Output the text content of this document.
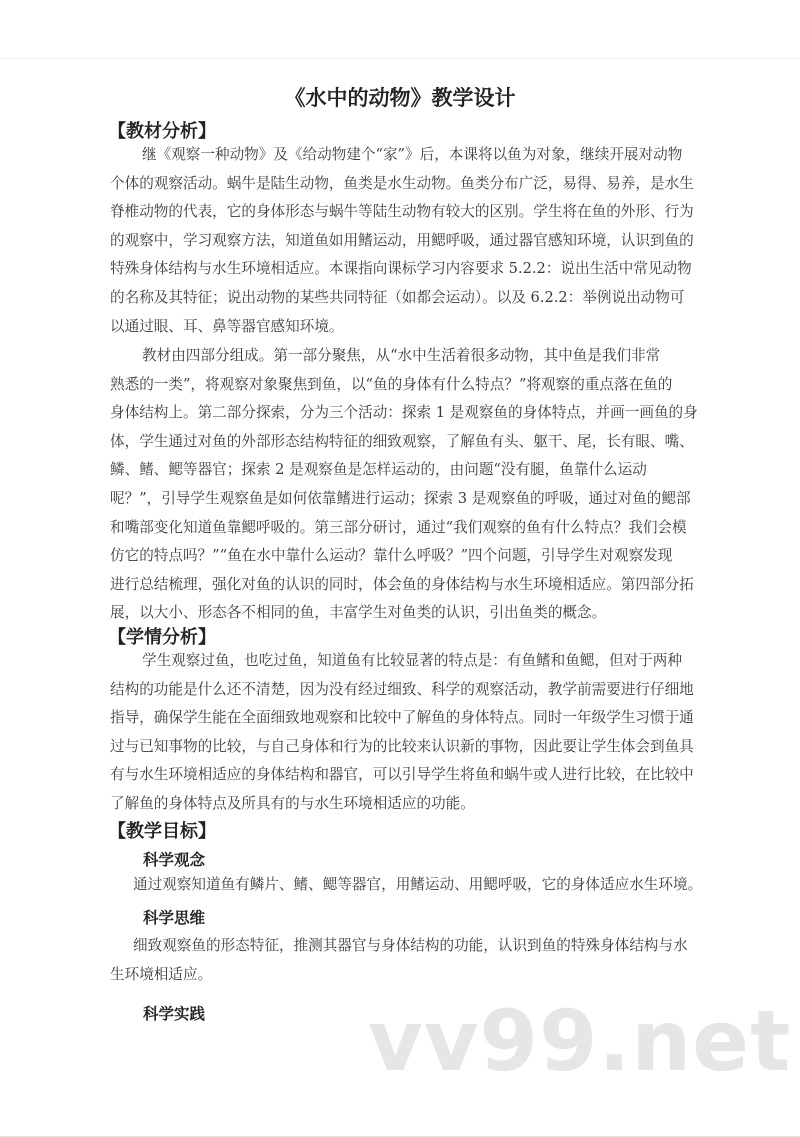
《水中的动物》教学设计
【教材分析】
继《观察一种动物》及《给动物建个“家”》后，本课将以鱼为对象，继续开展对动物
个体的观察活动。蜗牛是陆生动物，鱼类是水生动物。鱼类分布广泛，易得、易养，是水生
脊椎动物的代表，它的身体形态与蜗牛等陆生动物有较大的区别。学生将在鱼的外形、行为
的观察中，学习观察方法，知道鱼如用鳍运动，用鳃呼吸，通过器官感知环境，认识到鱼的
特殊身体结构与水生环境相适应。本课指向课标学习内容要求 5.2.2：说出生活中常见动物
的名称及其特征；说出动物的某些共同特征（如都会运动）。以及 6.2.2：举例说出动物可
以通过眼、耳、鼻等器官感知环境。
教材由四部分组成。第一部分聚焦，从“水中生活着很多动物，其中鱼是我们非常
熟悉的一类”，将观察对象聚焦到鱼，以“鱼的身体有什么特点？”将观察的重点落在鱼的
身体结构上。第二部分探索，分为三个活动：探索 1 是观察鱼的身体特点，并画一画鱼的身
体，学生通过对鱼的外部形态结构特征的细致观察，了解鱼有头、躯干、尾，长有眼、嘴、
鳞、鳍、鳃等器官；探索 2 是观察鱼是怎样运动的，由问题“没有腿，鱼靠什么运动
呢？”，引导学生观察鱼是如何依靠鳍进行运动；探索 3 是观察鱼的呼吸，通过对鱼的鳃部
和嘴部变化知道鱼靠鳃呼吸的。第三部分研讨，通过“我们观察的鱼有什么特点？我们会模
仿它的特点吗？”“鱼在水中靠什么运动？靠什么呼吸？”四个问题，引导学生对观察发现
进行总结梳理，强化对鱼的认识的同时，体会鱼的身体结构与水生环境相适应。第四部分拓
展，以大小、形态各不相同的鱼，丰富学生对鱼类的认识，引出鱼类的概念。
【学情分析】
学生观察过鱼，也吃过鱼，知道鱼有比较显著的特点是：有鱼鳍和鱼鳃，但对于两种
结构的功能是什么还不清楚，因为没有经过细致、科学的观察活动，教学前需要进行仔细地
指导，确保学生能在全面细致地观察和比较中了解鱼的身体特点。同时一年级学生习惯于通
过与已知事物的比较，与自己身体和行为的比较来认识新的事物，因此要让学生体会到鱼具
有与水生环境相适应的身体结构和器官，可以引导学生将鱼和蜗牛或人进行比较，在比较中
了解鱼的身体特点及所具有的与水生环境相适应的功能。
【教学目标】
科学观念
通过观察知道鱼有鳞片、鳍、鳃等器官，用鳍运动、用鳃呼吸，它的身体适应水生环境。
科学思维
细致观察鱼的形态特征，推测其器官与身体结构的功能，认识到鱼的特殊身体结构与水
生环境相适应。
科学实践 vv99.net
